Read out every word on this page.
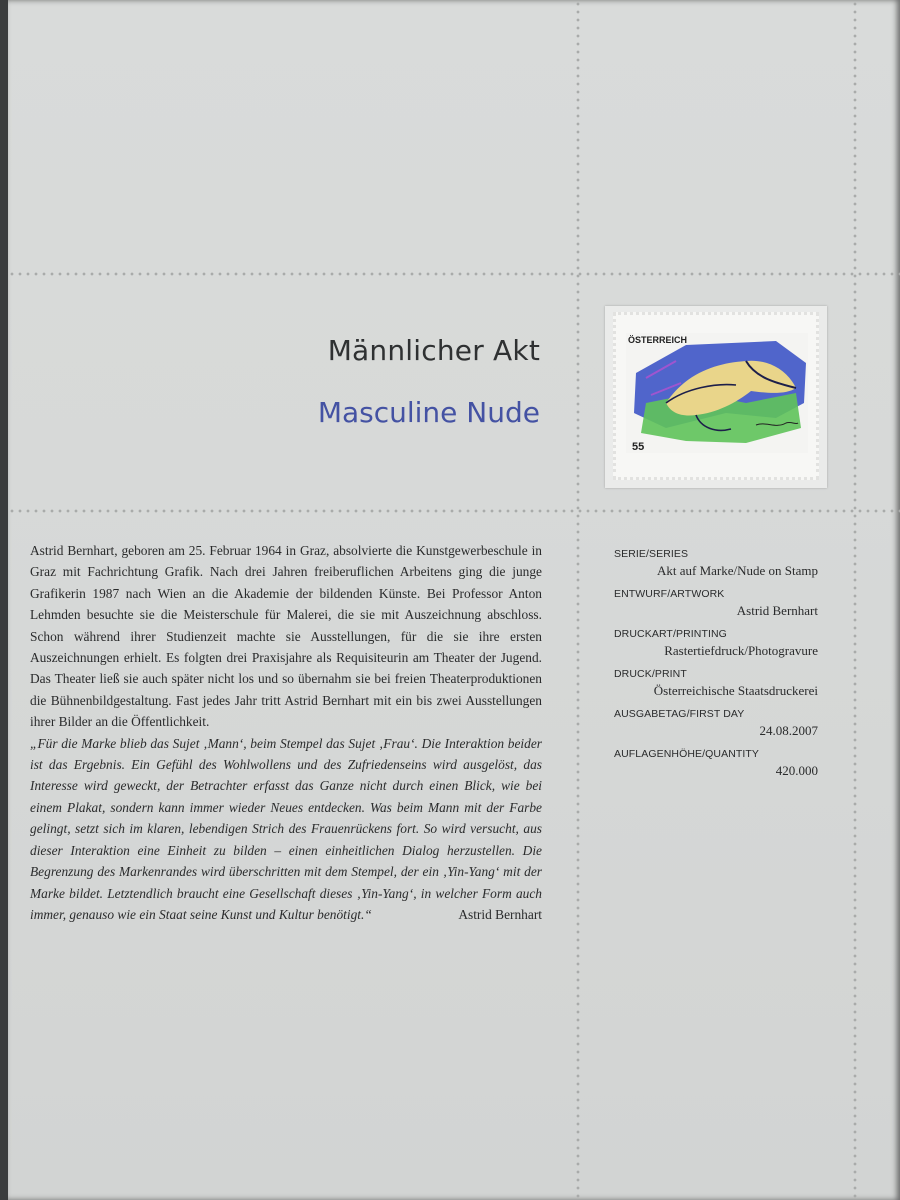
Männlicher Akt
Masculine Nude
ÖSTERREICH
55

Astrid Bernhart, geboren am 25. Februar 1964 in Graz, absolvierte die Kunstgewerbeschule in Graz mit Fachrichtung Grafik. Nach drei Jahren freiberuflichen Arbeitens ging die junge Grafikerin 1987 nach Wien an die Akademie der bildenden Künste. Bei Professor Anton Lehmden besuchte sie die Meisterschule für Malerei, die sie mit Auszeichnung abschloss. Schon während ihrer Studienzeit machte sie Ausstellungen, für die sie ihre ersten Auszeichnungen erhielt. Es folgten drei Praxisjahre als Requisiteurin am Theater der Jugend. Das Theater ließ sie auch später nicht los und so übernahm sie bei freien Theaterproduktionen die Bühnenbildgestaltung. Fast jedes Jahr tritt Astrid Bernhart mit ein bis zwei Ausstellungen ihrer Bilder an die Öffentlichkeit.

„Für die Marke blieb das Sujet ‚Mann‘, beim Stempel das Sujet ‚Frau‘. Die Interaktion beider ist das Ergebnis. Ein Gefühl des Wohlwollens und des Zufriedenseins wird ausgelöst, das Interesse wird geweckt, der Betrachter erfasst das Ganze nicht durch einen Blick, wie bei einem Plakat, sondern kann immer wieder Neues entdecken. Was beim Mann mit der Farbe gelingt, setzt sich im klaren, lebendigen Strich des Frauenrückens fort. So wird versucht, aus dieser Interaktion eine Einheit zu bilden – einen einheitlichen Dialog herzustellen. Die Begrenzung des Markenrandes wird überschritten mit dem Stempel, der ein ‚Yin-Yang‘ mit der Marke bildet. Letztendlich braucht eine Gesellschaft dieses ‚Yin-Yang‘, in welcher Form auch immer, genauso wie ein Staat seine Kunst und Kultur benötigt.“	Astrid Bernhart

SERIE/SERIES
Akt auf Marke/Nude on Stamp
ENTWURF/ARTWORK
Astrid Bernhart
DRUCKART/PRINTING
Rastertiefdruck/Photogravure
DRUCK/PRINT
Österreichische Staatsdruckerei
AUSGABETAG/FIRST DAY
24.08.2007
AUFLAGENHÖHE/QUANTITY
420.000
